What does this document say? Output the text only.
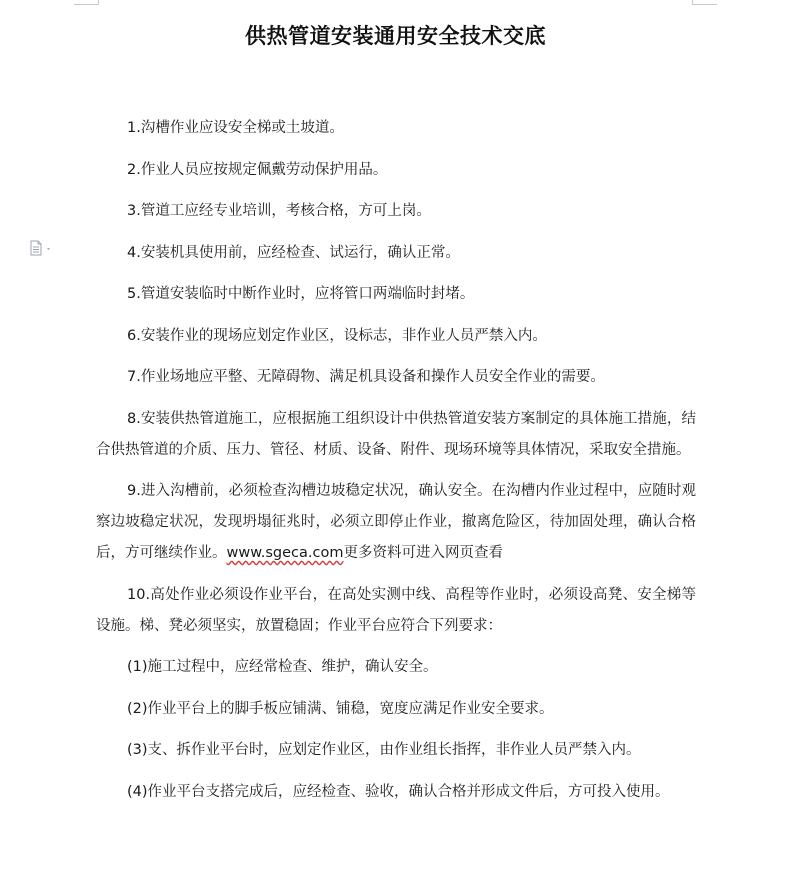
供热管道安装通用安全技术交底

1.沟槽作业应设安全梯或土坡道。

2.作业人员应按规定佩戴劳动保护用品。

3.管道工应经专业培训，考核合格，方可上岗。

4.安装机具使用前，应经检查、试运行，确认正常。

5.管道安装临时中断作业时，应将管口两端临时封堵。

6.安装作业的现场应划定作业区，设标志，非作业人员严禁入内。

7.作业场地应平整、无障碍物、满足机具设备和操作人员安全作业的需要。

8.安装供热管道施工，应根据施工组织设计中供热管道安装方案制定的具体施工措施，结合供热管道的介质、压力、管径、材质、设备、附件、现场环境等具体情况，采取安全措施。

9.进入沟槽前，必须检查沟槽边坡稳定状况，确认安全。在沟槽内作业过程中，应随时观察边坡稳定状况，发现坍塌征兆时，必须立即停止作业，撤离危险区，待加固处理，确认合格后，方可继续作业。www.sgeca.com更多资料可进入网页查看

10.高处作业必须设作业平台，在高处实测中线、高程等作业时，必须设高凳、安全梯等设施。梯、凳必须坚实，放置稳固；作业平台应符合下列要求：

(1)施工过程中，应经常检查、维护，确认安全。

(2)作业平台上的脚手板应铺满、铺稳，宽度应满足作业安全要求。

(3)支、拆作业平台时，应划定作业区，由作业组长指挥，非作业人员严禁入内。

(4)作业平台支搭完成后，应经检查、验收，确认合格并形成文件后，方可投入使用。
